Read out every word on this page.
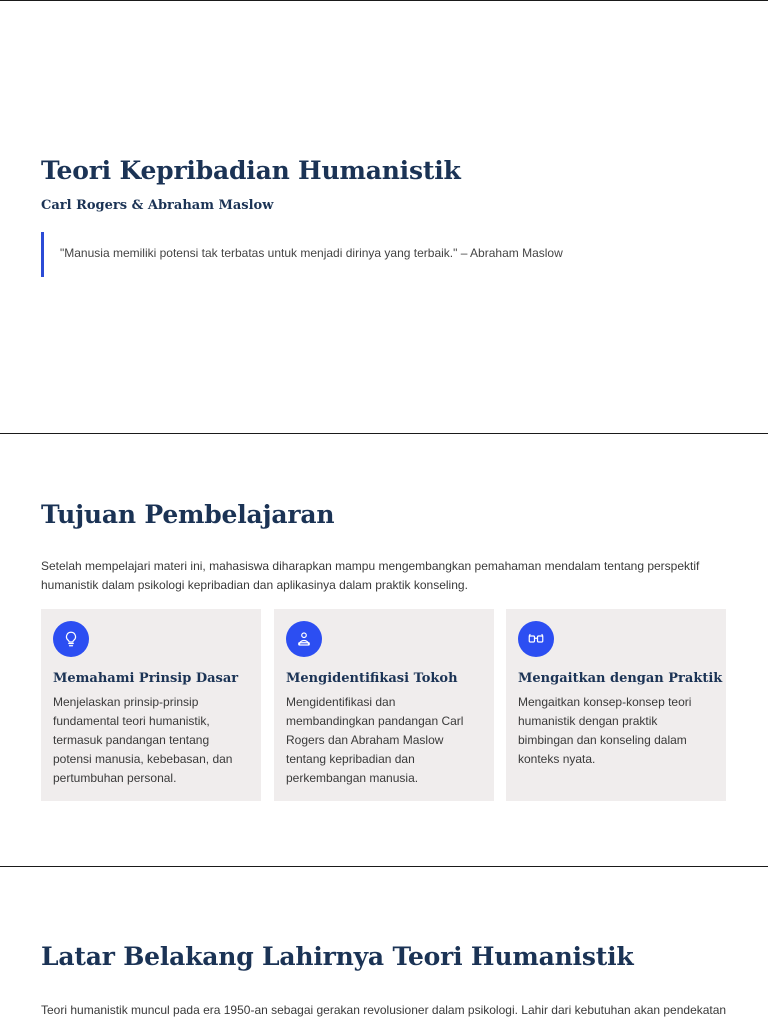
Teori Kepribadian Humanistik

Carl Rogers & Abraham Maslow

"Manusia memiliki potensi tak terbatas untuk menjadi dirinya yang terbaik." – Abraham Maslow
Tujuan Pembelajaran

Setelah mempelajari materi ini, mahasiswa diharapkan mampu mengembangkan pemahaman mendalam tentang perspektif humanistik dalam psikologi kepribadian dan aplikasinya dalam praktik konseling.

Memahami Prinsip Dasar

Menjelaskan prinsip-prinsip fundamental teori humanistik, termasuk pandangan tentang potensi manusia, kebebasan, dan pertumbuhan personal.

Mengidentifikasi Tokoh

Mengidentifikasi dan membandingkan pandangan Carl Rogers dan Abraham Maslow tentang kepribadian dan perkembangan manusia.

Mengaitkan dengan Praktik

Mengaitkan konsep-konsep teori humanistik dengan praktik bimbingan dan konseling dalam konteks nyata.

Latar Belakang Lahirnya Teori Humanistik

Teori humanistik muncul pada era 1950-an sebagai gerakan revolusioner dalam psikologi. Lahir dari kebutuhan akan pendekatan
